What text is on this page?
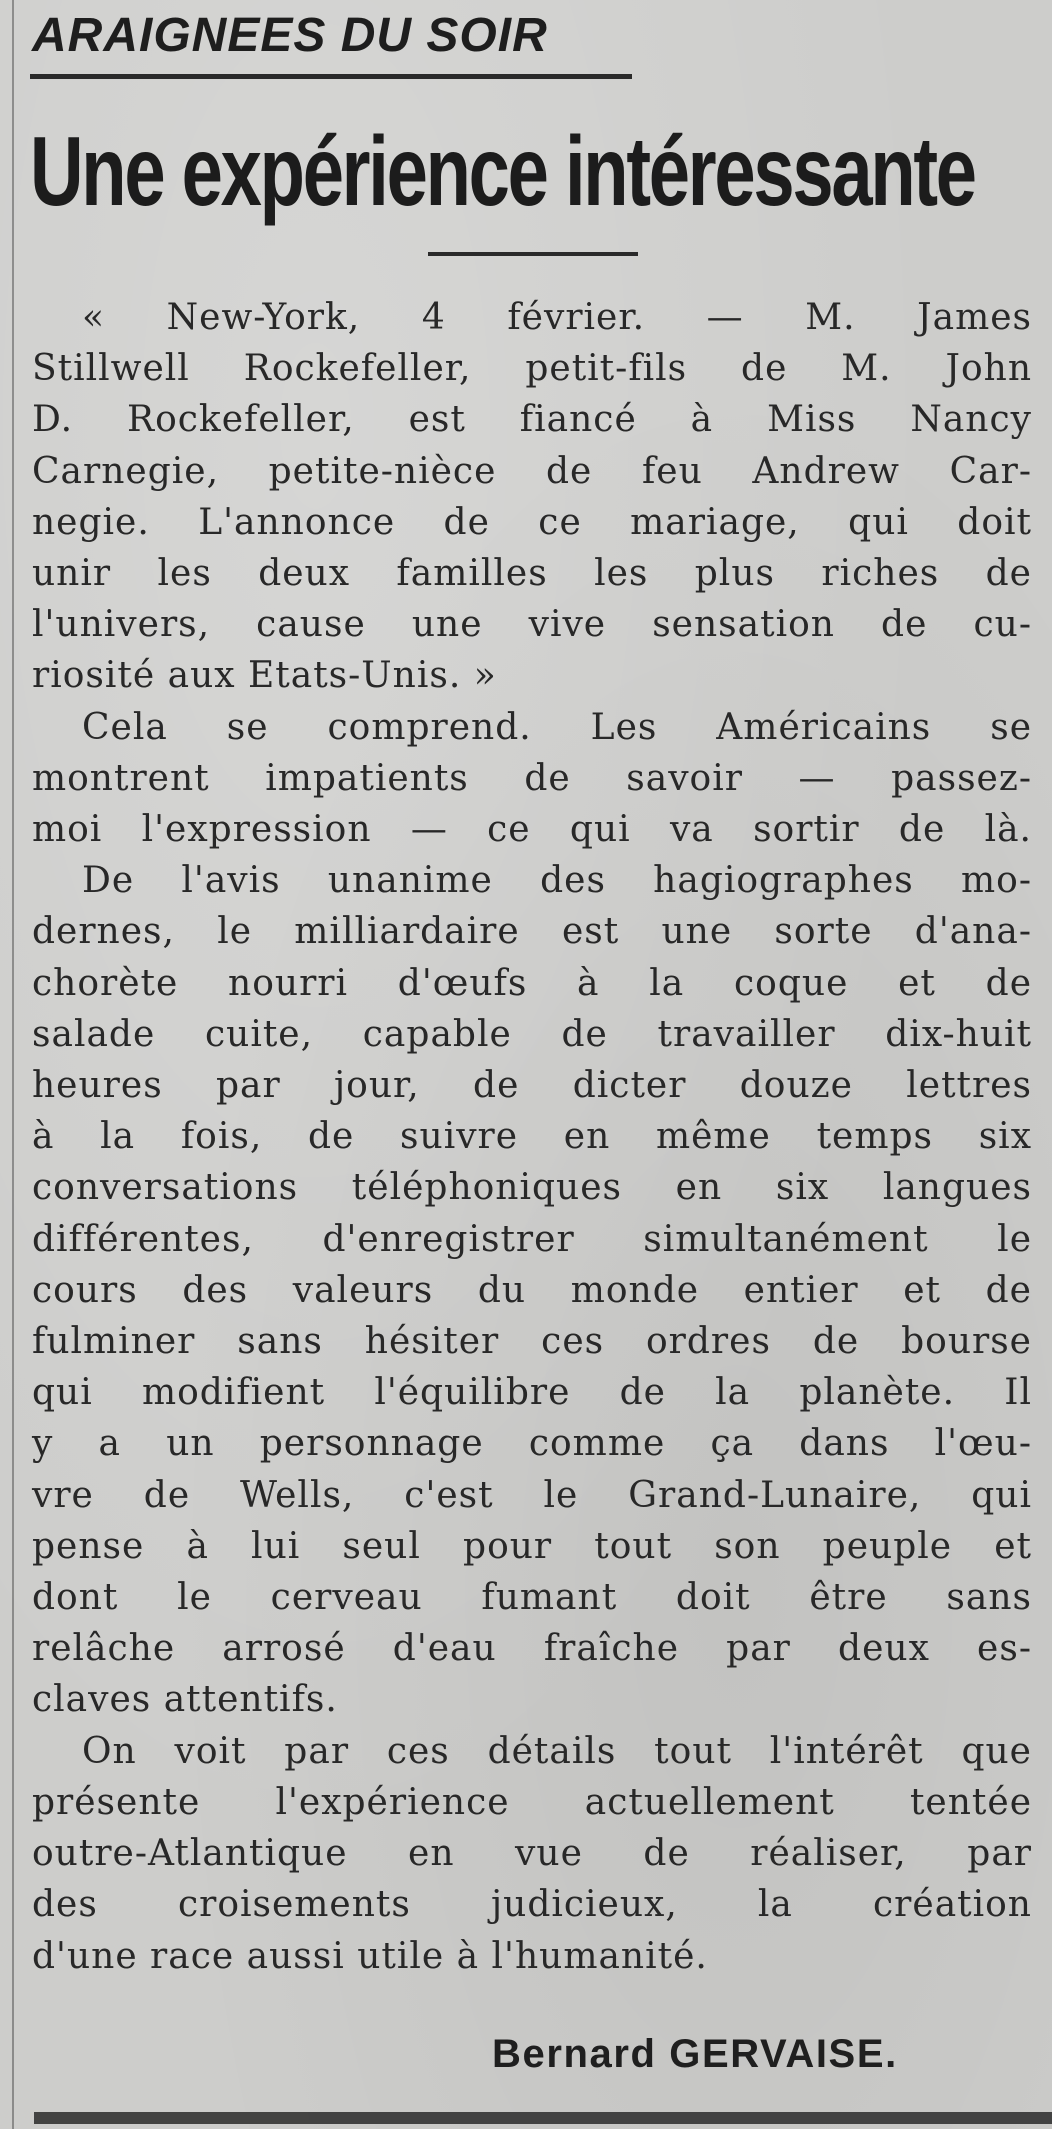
ARAIGNEES DU SOIR
Une expérience intéressante
« New-York, 4 février. — M. James
Stillwell Rockefeller, petit-fils de M. John
D. Rockefeller, est fiancé à Miss Nancy
Carnegie, petite-nièce de feu Andrew Car-
negie. L'annonce de ce mariage, qui doit
unir les deux familles les plus riches de
l'univers, cause une vive sensation de cu-
riosité aux Etats-Unis. »
Cela se comprend. Les Américains se
montrent impatients de savoir — passez-
moi l'expression — ce qui va sortir de là.
De l'avis unanime des hagiographes mo-
dernes, le milliardaire est une sorte d'ana-
chorète nourri d'œufs à la coque et de
salade cuite, capable de travailler dix-huit
heures par jour, de dicter douze lettres
à la fois, de suivre en même temps six
conversations téléphoniques en six langues
différentes, d'enregistrer simultanément le
cours des valeurs du monde entier et de
fulminer sans hésiter ces ordres de bourse
qui modifient l'équilibre de la planète. Il
y a un personnage comme ça dans l'œu-
vre de Wells, c'est le Grand-Lunaire, qui
pense à lui seul pour tout son peuple et
dont le cerveau fumant doit être sans
relâche arrosé d'eau fraîche par deux es-
claves attentifs.
On voit par ces détails tout l'intérêt que
présente l'expérience actuellement tentée
outre-Atlantique en vue de réaliser, par
des croisements judicieux, la création
d'une race aussi utile à l'humanité.

Bernard GERVAISE.
